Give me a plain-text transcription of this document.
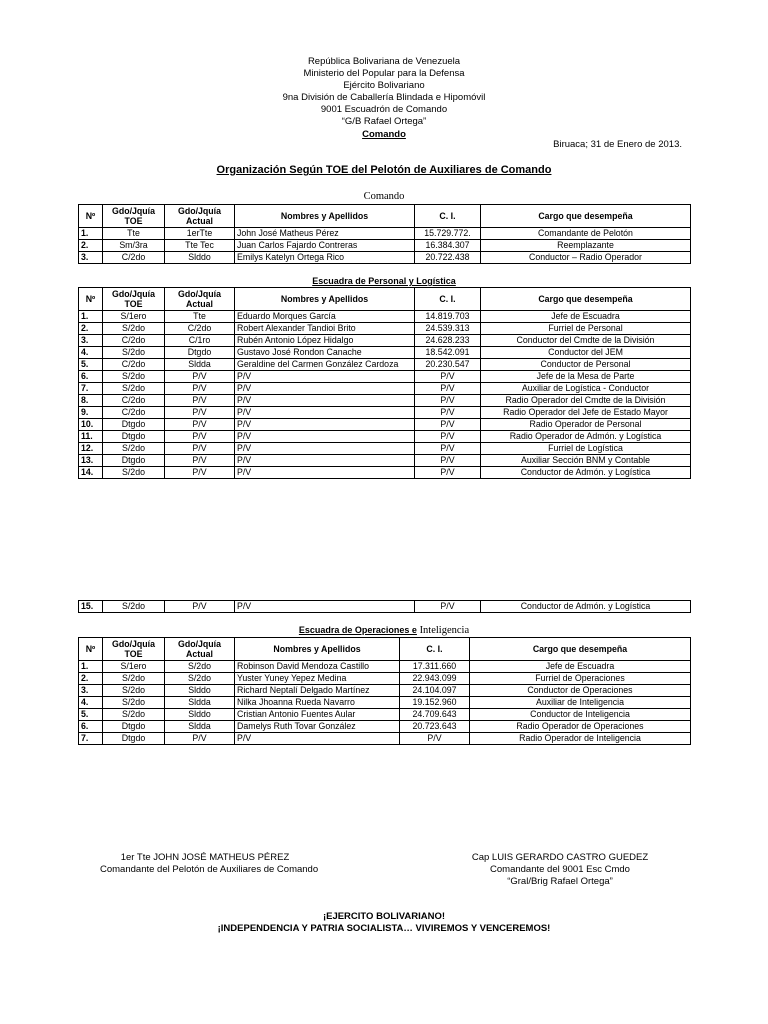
República Bolivariana de Venezuela
Ministerio del Popular para la Defensa
Ejército Bolivariano
9na División de Caballería Blindada e Hipomóvil
9001 Escuadrón de Comando
“G/B Rafael Ortega”
Comando
Biruaca; 31 de Enero de 2013.
Organización Según TOE del Pelotón de Auxiliares de Comando
Comando
Nº	Gdo/Jquía TOE	Gdo/Jquía Actual	Nombres y Apellidos	C. I.	Cargo que desempeña
1.	Tte	1erTte	John José Matheus Pérez	15.729.772.	Comandante de Pelotón
2.	Sm/3ra	Tte Tec	Juan Carlos Fajardo Contreras	16.384.307	Reemplazante
3.	C/2do	Slddo	Emilys Katelyn Ortega Rico	20.722.438	Conductor – Radio Operador
Escuadra de Personal y Logística
Nº	Gdo/Jquía TOE	Gdo/Jquía Actual	Nombres y Apellidos	C. I.	Cargo que desempeña
1.	S/1ero	Tte	Eduardo Morques García	14.819.703	Jefe de Escuadra
2.	S/2do	C/2do	Robert Alexander Tandioi Brito	24.539.313	Furriel de Personal
3.	C/2do	C/1ro	Rubén Antonio López Hidalgo	24.628.233	Conductor del Cmdte de la División
4.	S/2do	Dtgdo	Gustavo José Rondon Canache	18.542.091	Conductor del JEM
5.	C/2do	Sldda	Geraldine del Carmen González Cardoza	20.230.547	Conductor de Personal
6.	S/2do	P/V	P/V	P/V	Jefe de la Mesa de Parte
7.	S/2do	P/V	P/V	P/V	Auxiliar de Logística - Conductor
8.	C/2do	P/V	P/V	P/V	Radio Operador del Cmdte de la División
9.	C/2do	P/V	P/V	P/V	Radio Operador del Jefe de Estado Mayor
10.	Dtgdo	P/V	P/V	P/V	Radio Operador de Personal
11.	Dtgdo	P/V	P/V	P/V	Radio Operador de Admón. y Logística
12.	S/2do	P/V	P/V	P/V	Furriel de Logística
13.	Dtgdo	P/V	P/V	P/V	Auxiliar Sección BNM y Contable
14.	S/2do	P/V	P/V	P/V	Conductor de Admón. y Logística
15.	S/2do	P/V	P/V	P/V	Conductor de Admón. y Logística
Escuadra de Operaciones e Inteligencia
Nº	Gdo/Jquía TOE	Gdo/Jquía Actual	Nombres y Apellidos	C. I.	Cargo que desempeña
1.	S/1ero	S/2do	Robinson David Mendoza Castillo	17.311.660	Jefe de Escuadra
2.	S/2do	S/2do	Yuster Yuney Yepez Medina	22.943.099	Furriel de Operaciones
3.	S/2do	Slddo	Richard Neptalí Delgado Martínez	24.104.097	Conductor de Operaciones
4.	S/2do	Sldda	Nilka Jhoanna Rueda Navarro	19.152.960	Auxiliar de Inteligencia
5.	S/2do	Slddo	Cristian Antonio Fuentes Aular	24.709.643	Conductor de Inteligencia
6.	Dtgdo	Sldda	Damelys Ruth Tovar González	20.723.643	Radio Operador de Operaciones
7.	Dtgdo	P/V	P/V	P/V	Radio Operador de Inteligencia
1er Tte JOHN JOSÉ MATHEUS PÉREZ
Comandante del Pelotón de Auxiliares de Comando
Cap LUIS GERARDO CASTRO GUEDEZ
Comandante del 9001 Esc Cmdo
“Gral/Brig Rafael Ortega”
¡EJERCITO BOLIVARIANO!
¡INDEPENDENCIA Y PATRIA SOCIALISTA… VIVIREMOS Y VENCEREMOS!
